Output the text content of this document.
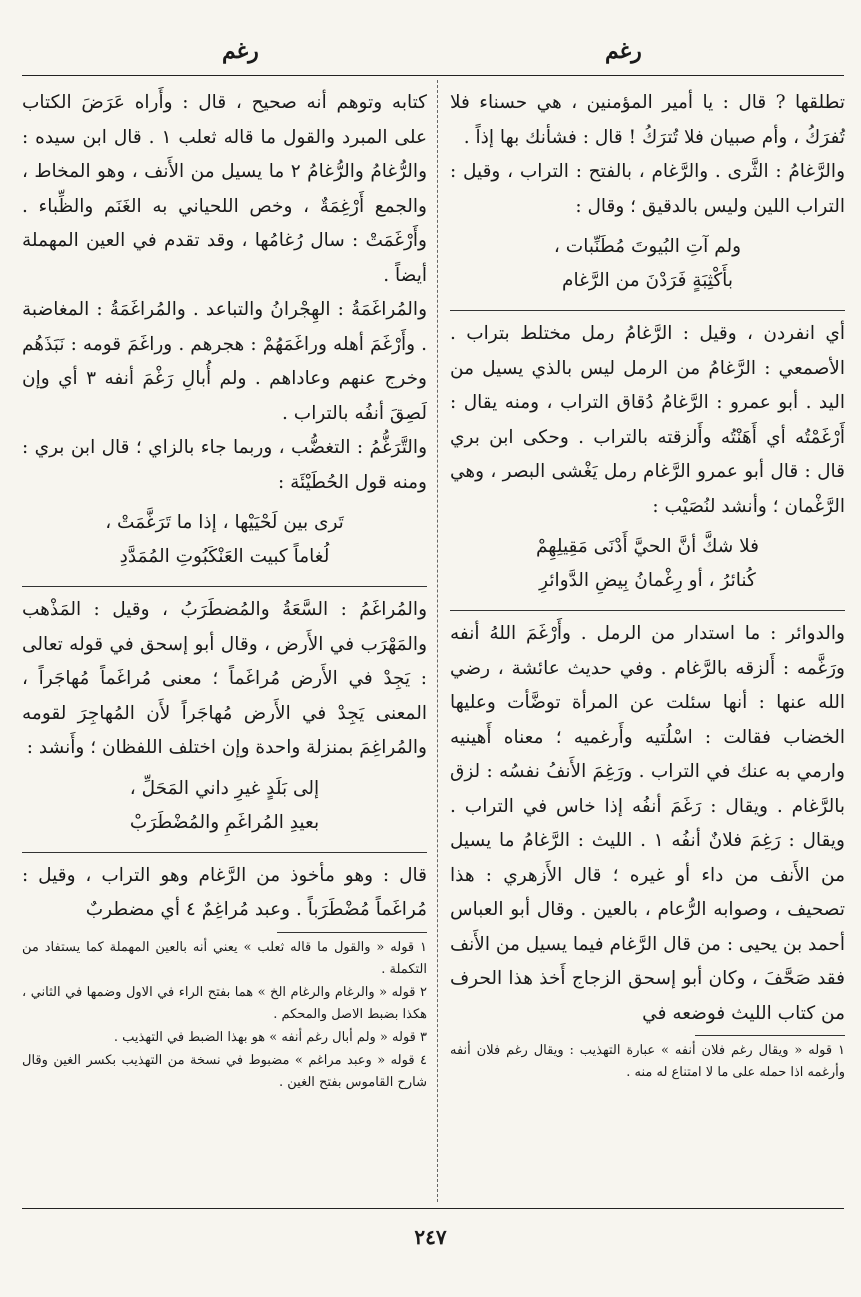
رغم
رغم

تطلقها ? قال : يا أمير المؤمنين ، هي حسناء فلا تُفرَكُ ، وأم صبيان فلا تُترَكُ ! قال : فشأنك بها إذاً .

والرَّغامُ : الثَّرى . والرَّغام ، بالفتح : التراب ، وقيل : التراب اللين وليس بالدقيق ؛ وقال :

ولم آتِ البُيوتَ مُطَنِّبات ،
بأَكْثِبَةٍ فَرَدْنَ من الرَّغام

أي انفردن ، وقيل : الرَّغامُ رمل مختلط بتراب . الأصمعي : الرَّغامُ من الرمل ليس بالذي يسيل من اليد . أبو عمرو : الرَّغامُ دُقاق التراب ، ومنه يقال : أَرْغَمْتُه أي أَهَنْتُه وأَلزقته بالتراب . وحكى ابن بري قال : قال أبو عمرو الرَّغام رمل يَغْشى البصر ، وهي الرَّغْمان ؛ وأنشد لنُصَيْب :

فلا شكَّ أنَّ الحيَّ أَدْنَى مَقِيلِهِمْ
كُنائرُ ، أو رِغْمانُ بِيضِ الدَّوائرِ

والدوائر : ما استدار من الرمل . وأَرْغَمَ اللهُ أنفه ورَغَّمه : أَلزقه بالرَّغام . وفي حديث عائشة ، رضي الله عنها : أنها سئلت عن المرأة توضَّأت وعليها الخضاب فقالت : اسْلُتيه وأَرغميه ؛ معناه أَهينيه وارمي به عنك في التراب . ورَغِمَ الأَنفُ نفسُه : لزق بالرَّغام . ويقال : رَغَمَ أنفُه إذا خاس في التراب . ويقال : رَغِمَ فلانٌ أنفُه ١ . الليث : الرَّغامُ ما يسيل من الأَنف من داء أو غيره ؛ قال الأَزهري : هذا تصحيف ، وصوابه الرُّعام ، بالعين . وقال أبو العباس أحمد بن يحيى : من قال الرَّغام فيما يسيل من الأَنف فقد صَحَّفَ ، وكان أبو إسحق الزجاج أَخذ هذا الحرف من كتاب الليث فوضعه في

١ قوله « ويقال رغم فلان أنفه » عبارة التهذيب : ويقال رغم فلان أنفه وأرغمه اذا حمله على ما لا امتناع له منه .

كتابه وتوهم أنه صحيح ، قال : وأَراه عَرَضَ الكتاب على المبرد والقول ما قاله ثعلب ١ . قال ابن سيده : والرُّغامُ والرُّغامُ ٢ ما يسيل من الأَنف ، وهو المخاط ، والجمع أَرْغِمَةٌ ، وخص اللحياني به الغَنَم والظِّباء . وأَرْغَمَتْ : سال رُغامُها ، وقد تقدم في العين المهملة أيضاً .

والمُراغَمَةُ : الهِجْرانُ والتباعد . والمُراغَمَةُ : المغاضبة . وأَرْغَمَ أهله وراغَمَهُمْ : هجرهم . وراغَمَ قومه : نَبَذَهُم وخرج عنهم وعاداهم . ولم أُبالِ رَغْمَ أنفه ٣ أي وإن لَصِقَ أنفُه بالتراب .

والتَّرَغُّمُ : التغضُّب ، وربما جاء بالزاي ؛ قال ابن بري : ومنه قول الحُطَيْئَة :

تَرى بين لَحْيَيْها ، إذا ما تَرَغَّمَتْ ،
لُغاماً كبيت العَنْكَبُوتِ المُمَدَّدِ

والمُراغَمُ : السَّعَةُ والمُضطَرَبُ ، وقيل : المَذْهب والمَهْرَب في الأَرض ، وقال أبو إسحق في قوله تعالى : يَجِدْ في الأَرض مُراغَماً ؛ معنى مُراغَماً مُهاجَراً ، المعنى يَجِدْ في الأَرض مُهاجَراً لأَن المُهاجِرَ لقومه والمُراغِمَ بمنزلة واحدة وإن اختلف اللفظان ؛ وأَنشد :

إلى بَلَدٍ غيرِ داني المَحَلِّ ،
بعيدِ المُراغَمِ والمُضْطَرَبْ

قال : وهو مأخوذ من الرَّغام وهو التراب ، وقيل : مُراغَماً مُضْطَرَباً . وعبد مُراغِمٌ ٤ أي مضطربٌ

١ قوله « والقول ما قاله ثعلب » يعني أنه بالعين المهملة كما يستفاد من التكملة .

٢ قوله « والرغام والرغام الخ » هما بفتح الراء في الاول وضمها في الثاني ، هكذا بضبط الاصل والمحكم .

٣ قوله « ولم أبال رغم أنفه » هو بهذا الضبط في التهذيب .

٤ قوله « وعبد مراغم » مضبوط في نسخة من التهذيب بكسر الغين وقال شارح القاموس بفتح الغين .

٢٤٧
